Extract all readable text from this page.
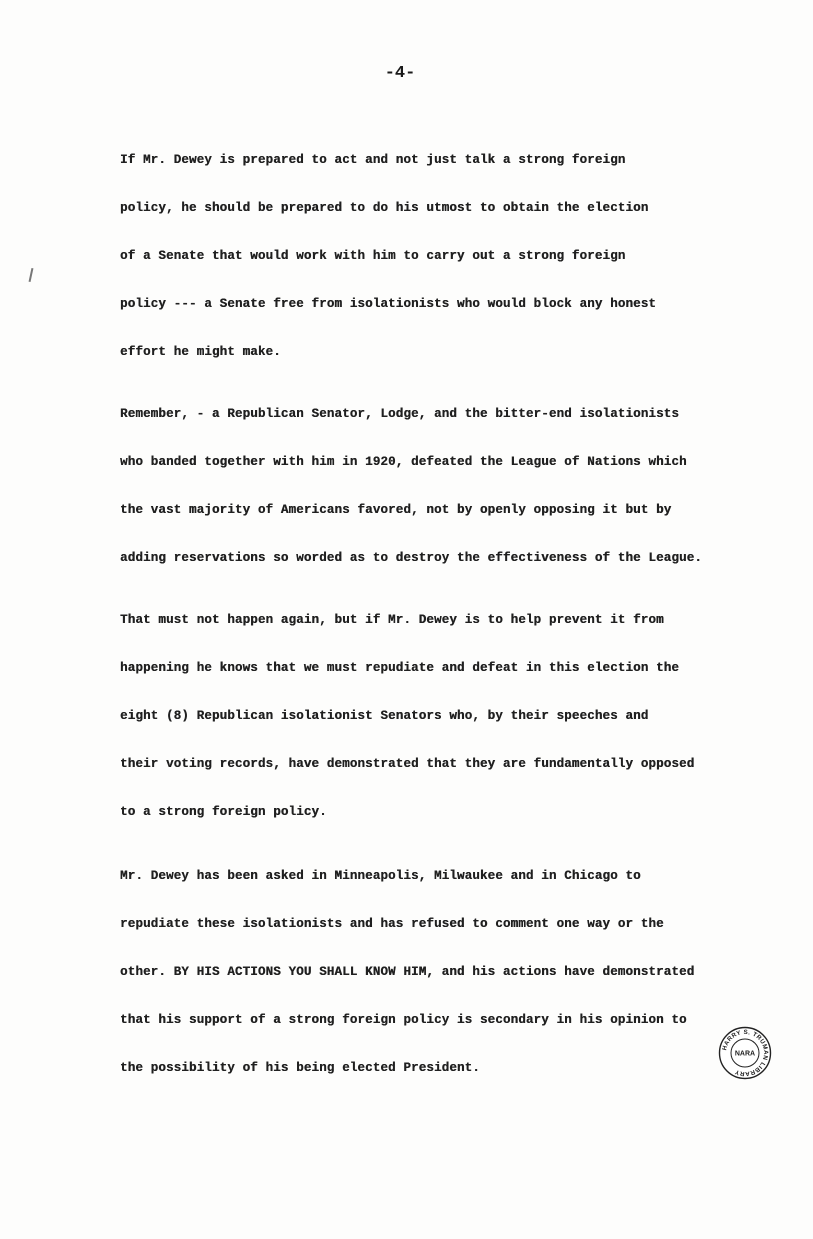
-4-
If Mr. Dewey is prepared to act and not just talk a strong foreign
policy, he should be prepared to do his utmost to obtain the election
of a Senate that would work with him to carry out a strong foreign
policy --- a Senate free from isolationists who would block any honest
effort he might make.
Remember, - a Republican Senator, Lodge, and the bitter-end isolationists
who banded together with him in 1920, defeated the League of Nations which
the vast majority of Americans favored, not by openly opposing it but by
adding reservations so worded as to destroy the effectiveness of the League.
That must not happen again, but if Mr. Dewey is to help prevent it from
happening he knows that we must repudiate and defeat in this election the
eight (8) Republican isolationist Senators who, by their speeches and
their voting records, have demonstrated that they are fundamentally opposed
to a strong foreign policy.
Mr. Dewey has been asked in Minneapolis, Milwaukee and in Chicago to
repudiate these isolationists and has refused to comment one way or the
other. BY HIS ACTIONS YOU SHALL KNOW HIM, and his actions have demonstrated
that his support of a strong foreign policy is secondary in his opinion to
the possibility of his being elected President.
HARRY S. TRUMAN LIBRARY
NARA
